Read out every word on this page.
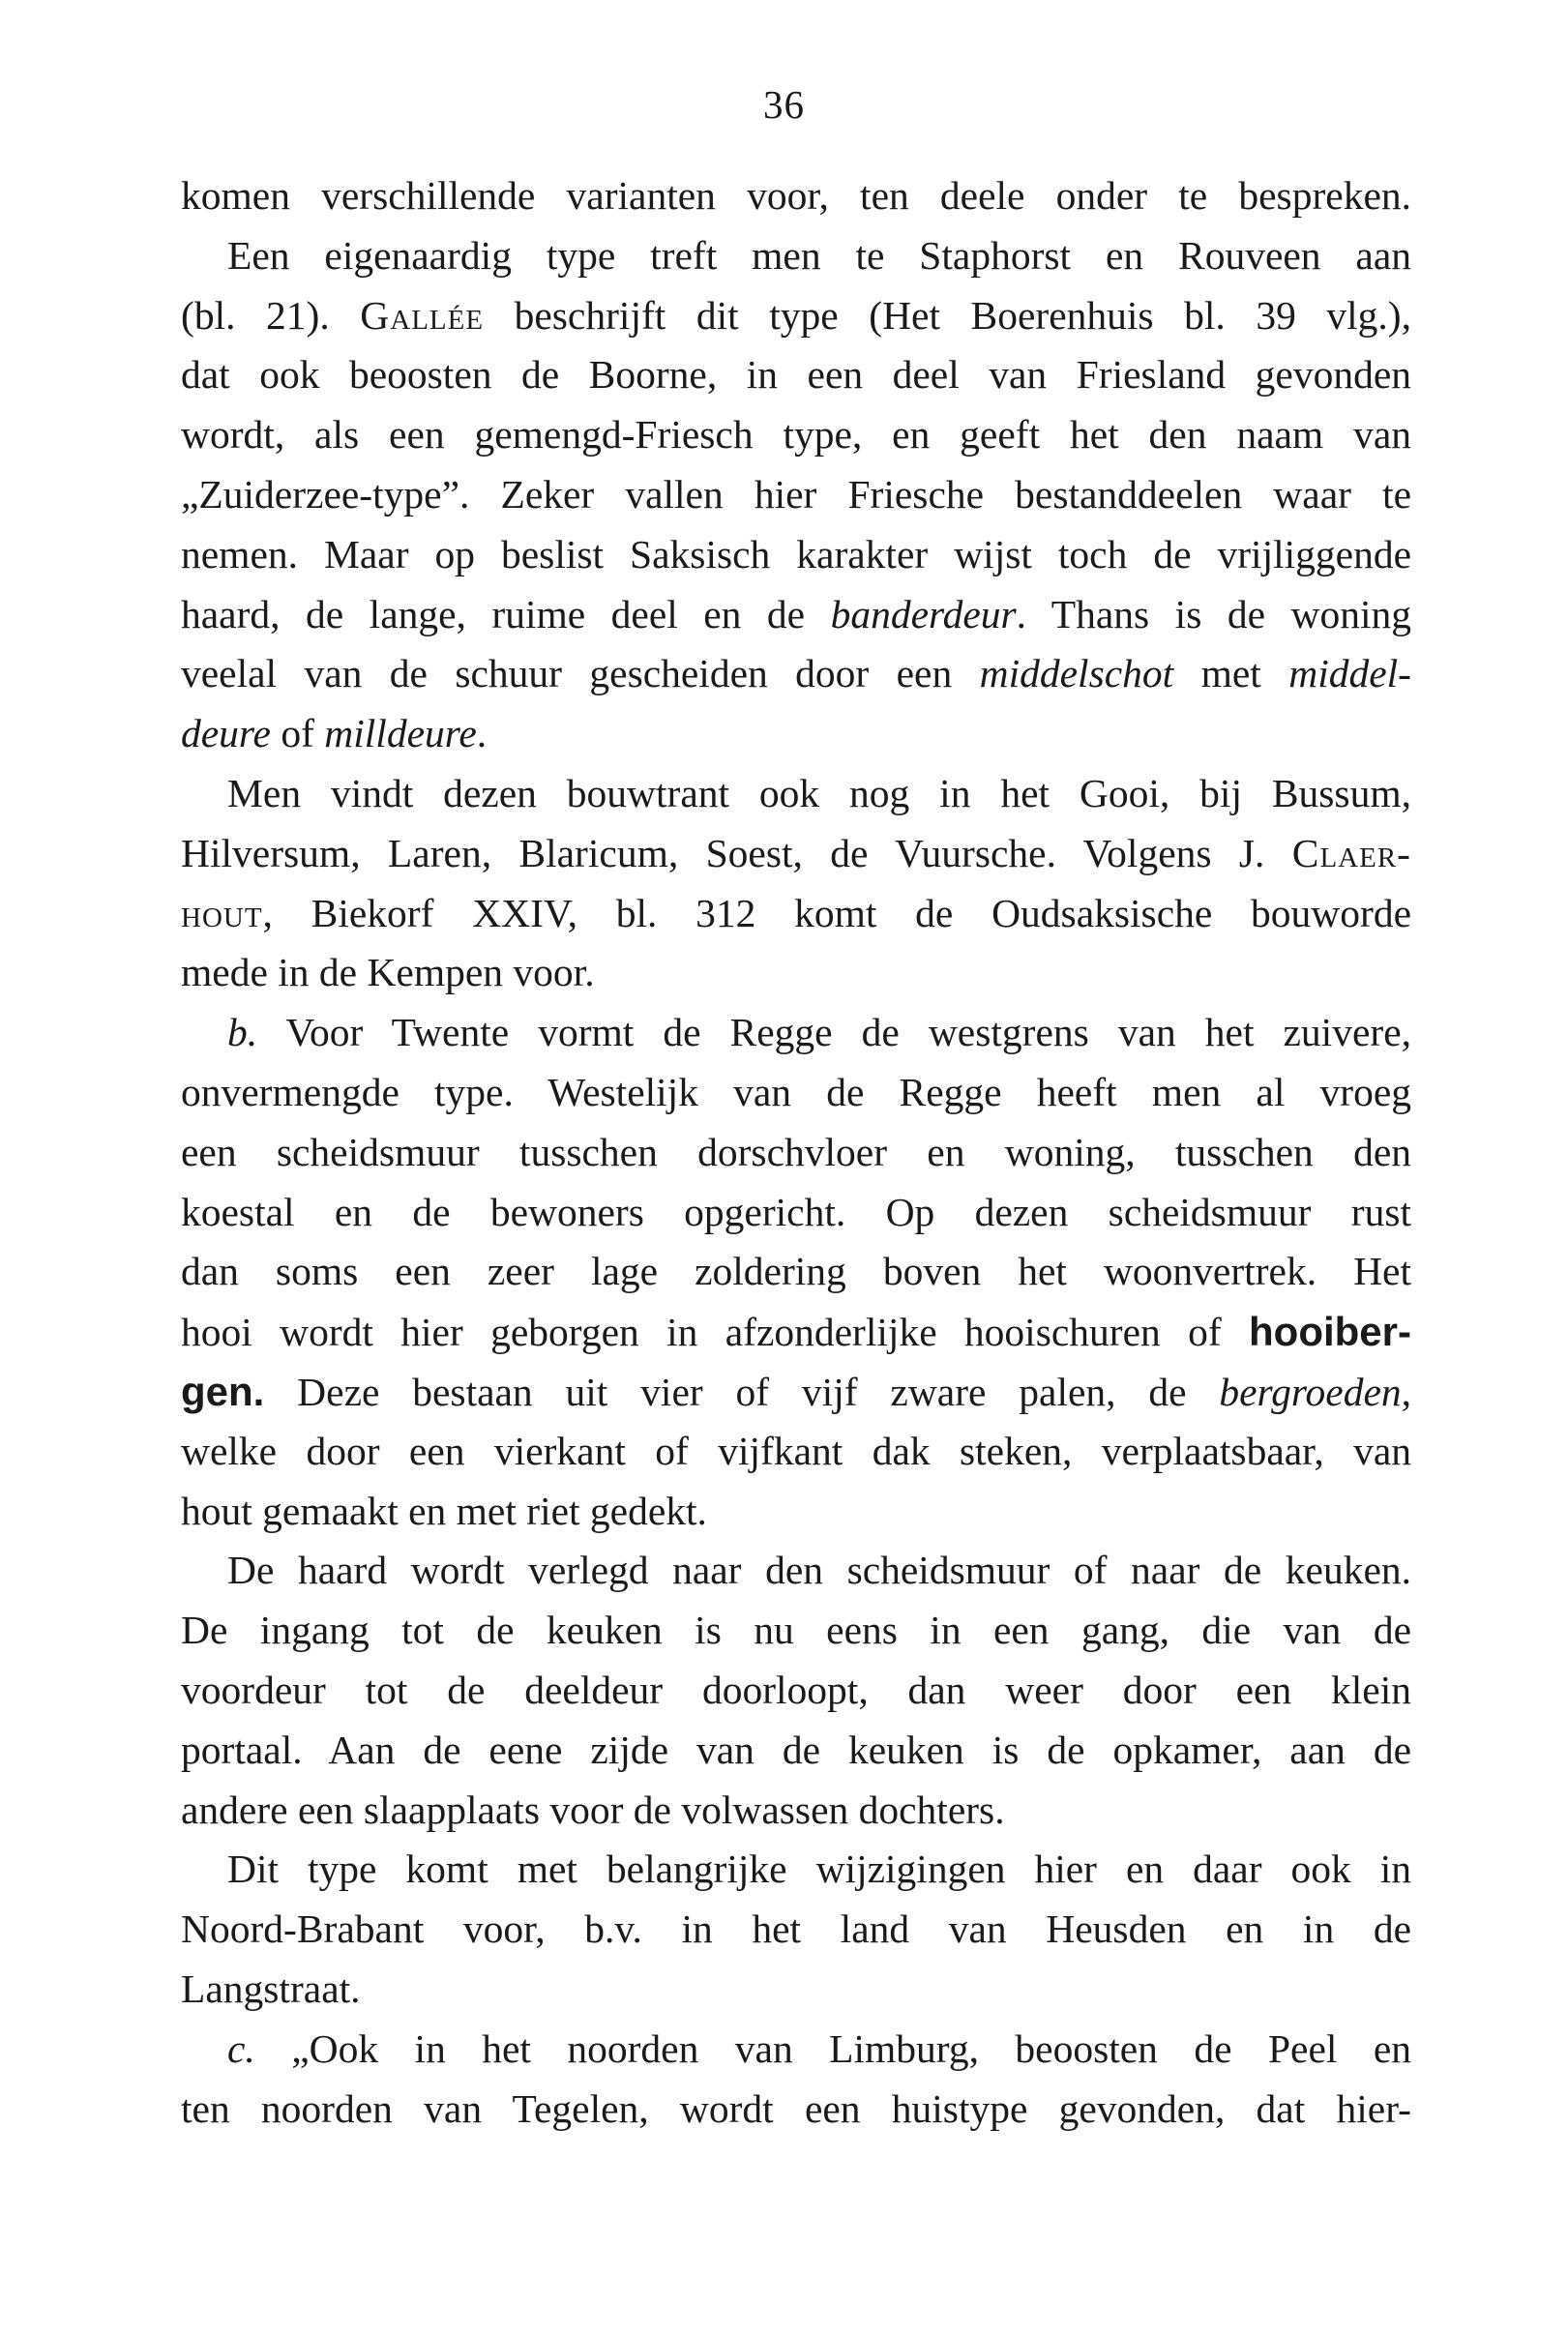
36
komen verschillende varianten voor, ten deele onder te bespreken.
Een eigenaardig type treft men te Staphorst en Rouveen aan
(bl. 21). Gallée beschrijft dit type (Het Boerenhuis bl. 39 vlg.),
dat ook beoosten de Boorne, in een deel van Friesland gevonden
wordt, als een gemengd-Friesch type, en geeft het den naam van
„Zuiderzee-type”. Zeker vallen hier Friesche bestanddeelen waar te
nemen. Maar op beslist Saksisch karakter wijst toch de vrijliggende
haard, de lange, ruime deel en de banderdeur. Thans is de woning
veelal van de schuur gescheiden door een middelschot met middel-
deure of milldeure.
Men vindt dezen bouwtrant ook nog in het Gooi, bij Bussum,
Hilversum, Laren, Blaricum, Soest, de Vuursche. Volgens J. Claer-
hout, Biekorf XXIV, bl. 312 komt de Oudsaksische bouworde
mede in de Kempen voor.
b. Voor Twente vormt de Regge de westgrens van het zuivere,
onvermengde type. Westelijk van de Regge heeft men al vroeg
een scheidsmuur tusschen dorschvloer en woning, tusschen den
koestal en de bewoners opgericht. Op dezen scheidsmuur rust
dan soms een zeer lage zoldering boven het woonvertrek. Het
hooi wordt hier geborgen in afzonderlijke hooischuren of hooiber-
gen. Deze bestaan uit vier of vijf zware palen, de bergroeden,
welke door een vierkant of vijfkant dak steken, verplaatsbaar, van
hout gemaakt en met riet gedekt.
De haard wordt verlegd naar den scheidsmuur of naar de keuken.
De ingang tot de keuken is nu eens in een gang, die van de
voordeur tot de deeldeur doorloopt, dan weer door een klein
portaal. Aan de eene zijde van de keuken is de opkamer, aan de
andere een slaapplaats voor de volwassen dochters.
Dit type komt met belangrijke wijzigingen hier en daar ook in
Noord-Brabant voor, b.v. in het land van Heusden en in de
Langstraat.
c. „Ook in het noorden van Limburg, beoosten de Peel en
ten noorden van Tegelen, wordt een huistype gevonden, dat hier-
